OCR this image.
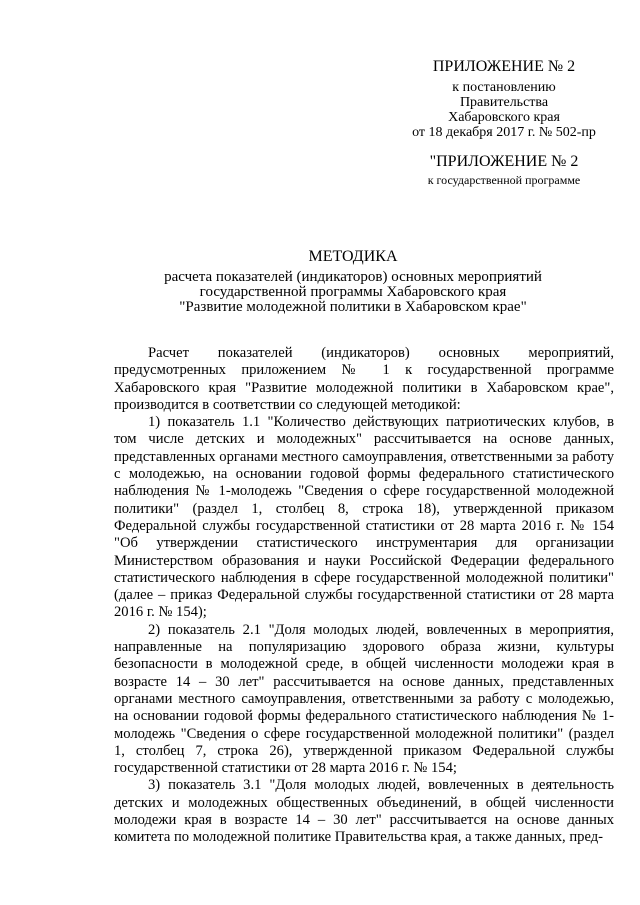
ПРИЛОЖЕНИЕ № 2
к постановлению
Правительства
Хабаровского края
от 18 декабря 2017 г. № 502-пр
"ПРИЛОЖЕНИЕ № 2
к государственной программе
МЕТОДИКА
расчета показателей (индикаторов) основных мероприятий
государственной программы Хабаровского края
"Развитие молодежной политики в Хабаровском крае"

Расчет показателей (индикаторов) основных мероприятий, предусмотренных приложением № 1 к государственной программе Хабаровского края "Развитие молодежной политики в Хабаровском крае", производится в соответствии со следующей методикой:

1) показатель 1.1 "Количество действующих патриотических клубов, в том числе детских и молодежных" рассчитывается на основе данных, представленных органами местного самоуправления, ответственными за работу с молодежью, на основании годовой формы федерального статистического наблюдения № 1-молодежь "Сведения о сфере государственной молодежной политики" (раздел 1, столбец 8, строка 18), утвержденной приказом Федеральной службы государственной статистики от 28 марта 2016 г. № 154 "Об утверждении статистического инструментария для организации Министерством образования и науки Российской Федерации федерального статистического наблюдения в сфере государственной молодежной политики" (далее – приказ Федеральной службы государственной статистики от 28 марта 2016 г. № 154);

2) показатель 2.1 "Доля молодых людей, вовлеченных в мероприятия, направленные на популяризацию здорового образа жизни, культуры безопасности в молодежной среде, в общей численности молодежи края в возрасте 14 – 30 лет" рассчитывается на основе данных, представленных органами местного самоуправления, ответственными за работу с молодежью, на основании годовой формы федерального статистического наблюдения № 1-молодежь "Сведения о сфере государственной молодежной политики" (раздел 1, столбец 7, строка 26), утвержденной приказом Федеральной службы государственной статистики от 28 марта 2016 г. № 154;

3) показатель 3.1 "Доля молодых людей, вовлеченных в деятельность детских и молодежных общественных объединений, в общей численности молодежи края в возрасте 14 – 30 лет" рассчитывается на основе данных комитета по молодежной политике Правительства края, а также данных, пред-
